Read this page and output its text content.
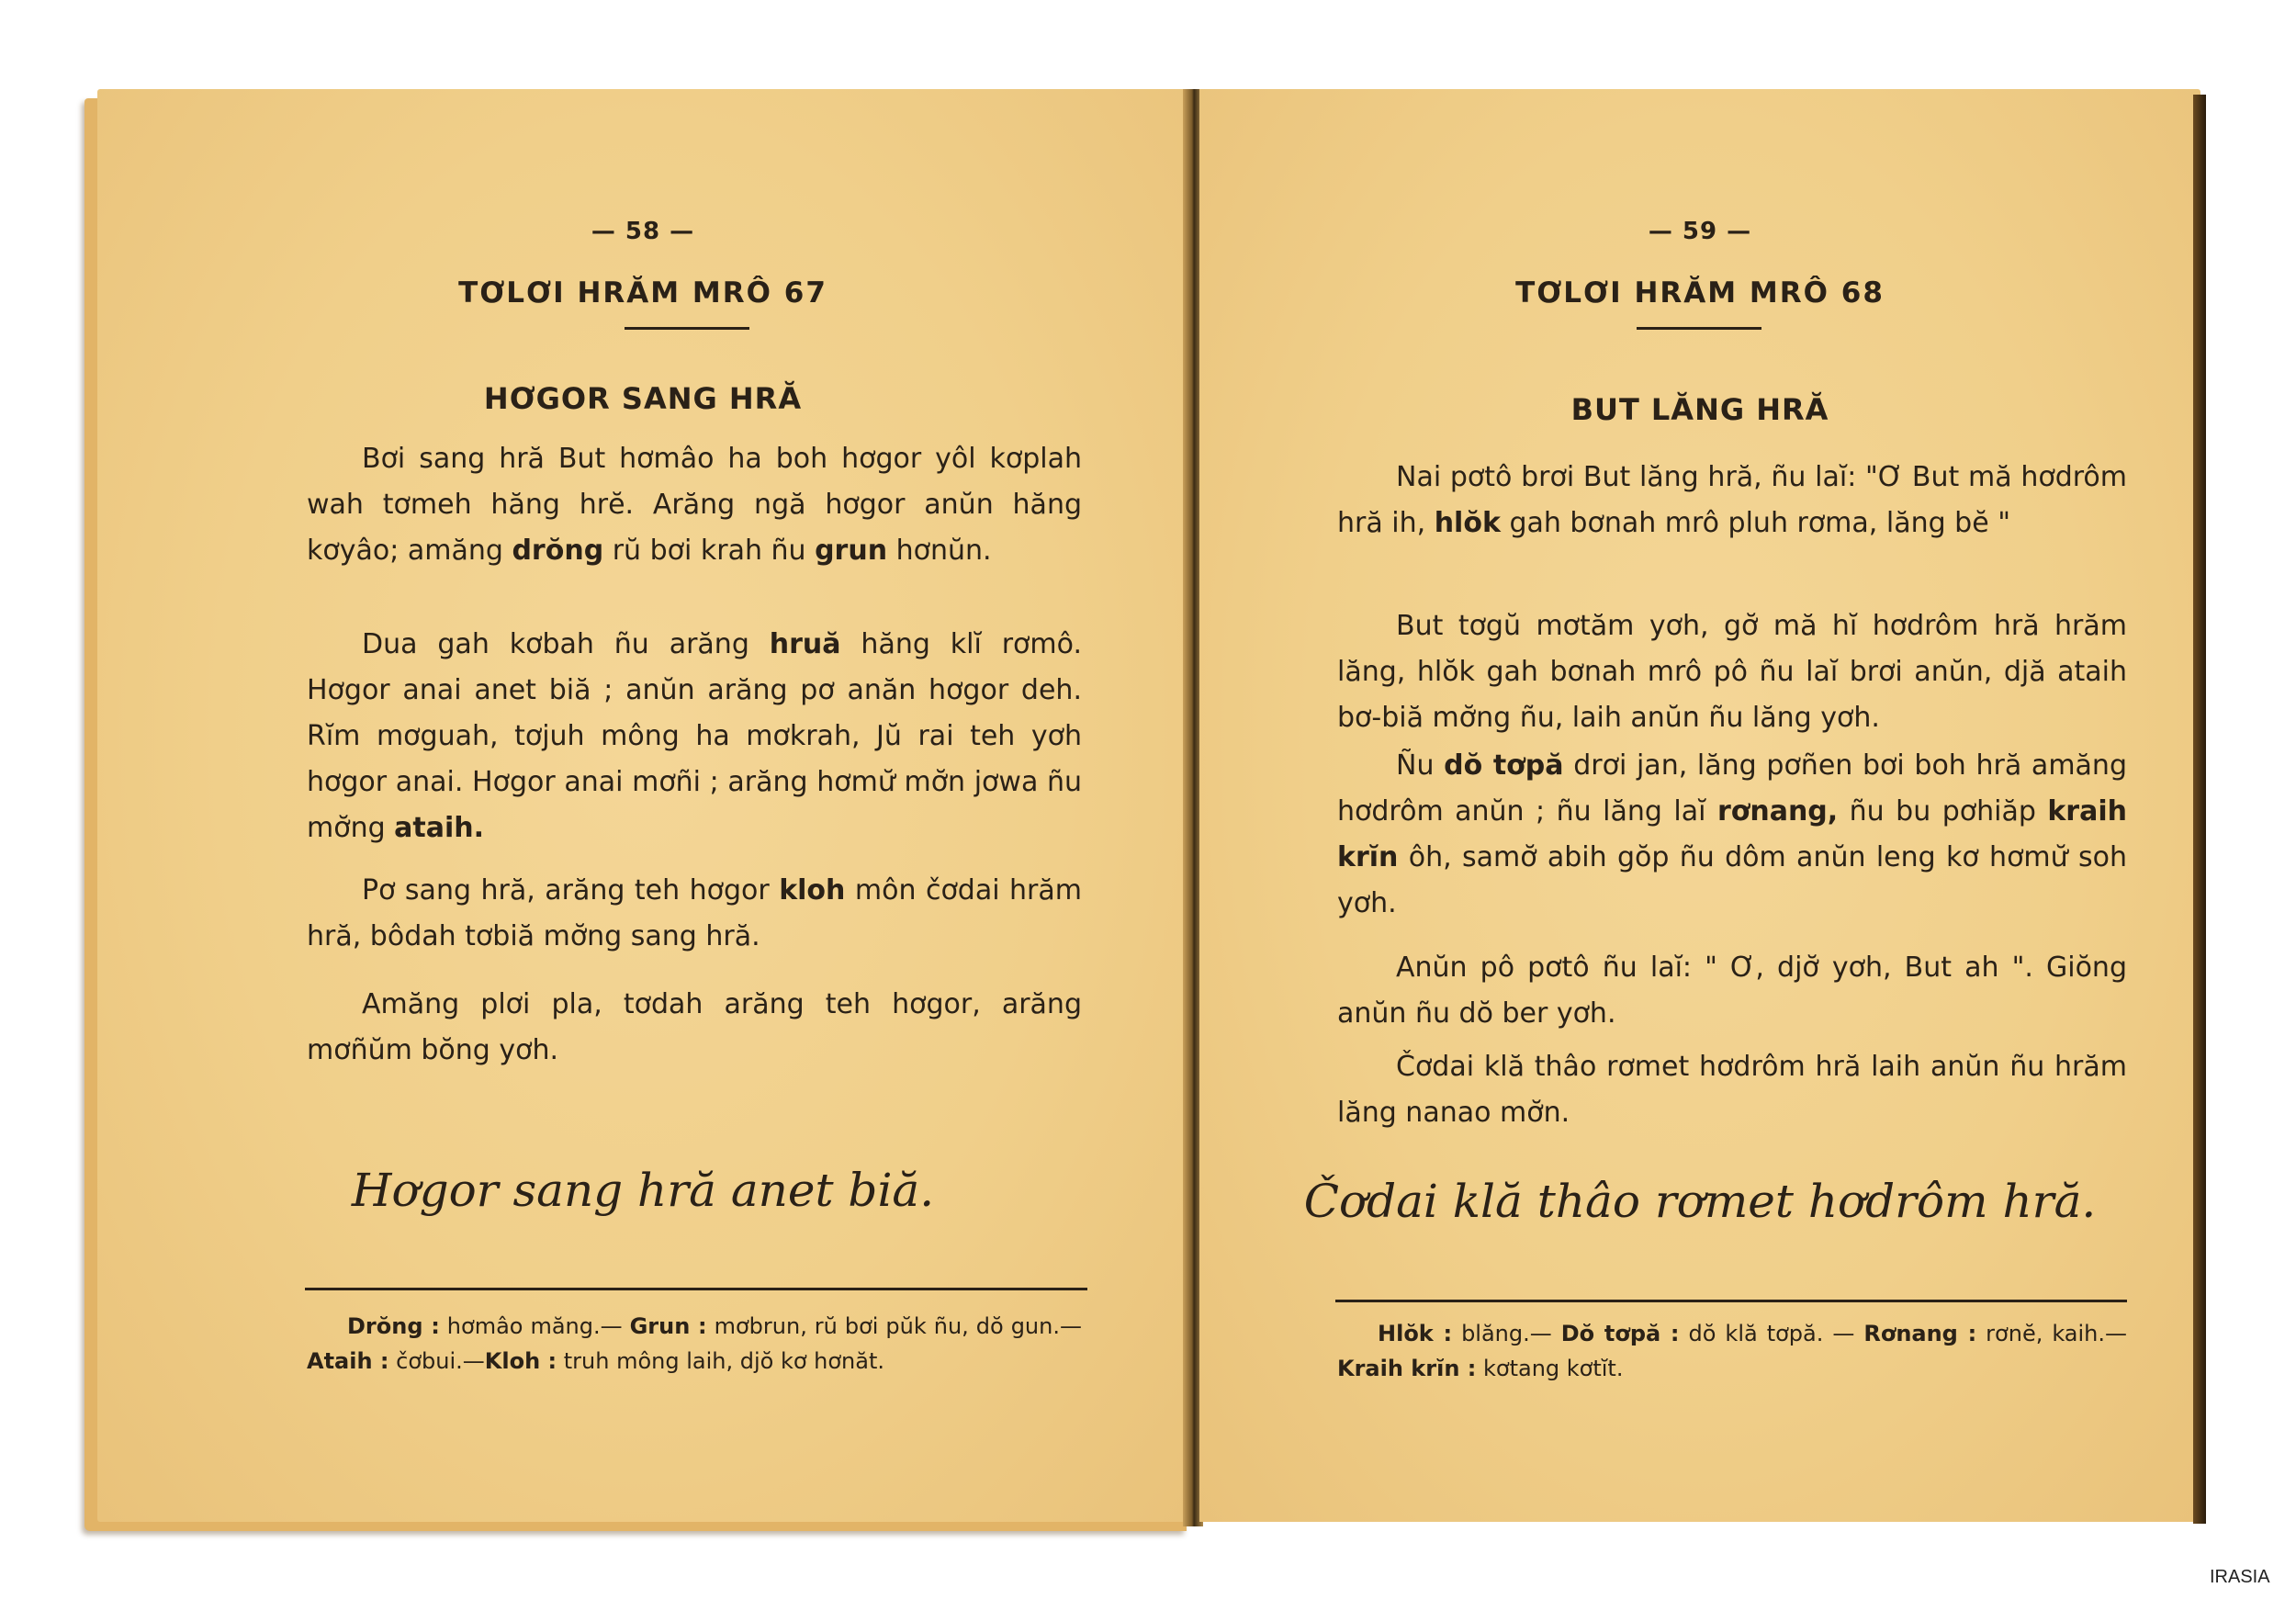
— 58 —
TƠLƠI HRĂM MRÔ 67
HƠGOR SANG HRĂ

Bơi sang hră But hơmâo ha boh hơgor yôl kơplah wah tơmeh hăng hrĕ. Arăng ngă hơgor anŭn hăng kơyâo; amăng drŏng rŭ bơi krah ñu grun hơnŭn.

Dua gah kơbah ñu arăng hruă hăng klĭ rơmô. Hơgor anai anet biă ; anŭn arăng pơ anăn hơgor deh. Rĭm mơguah, tơjuh mông ha mơkrah, Jŭ rai teh yơh hơgor anai. Hơgor anai mơñi ; arăng hơmư̆ mơ̆n jơwa ñu mơ̆ng ataih.

Pơ sang hră, arăng teh hơgor kloh môn čơdai hrăm hră, bôdah tơbiă mơ̆ng sang hră.

Amăng plơi pla, tơdah arăng teh hơgor, arăng mơñŭm bŏng yơh.

Hơgor sang hră anet biă.

Drŏng : hơmâo măng.— Grun : mơbrun, rŭ bơi pŭk ñu, dŏ gun.— Ataih : čơbui.—Kloh : truh mông laih, djŏ kơ hơnăt.

— 59 —
TƠLƠI HRĂM MRÔ 68
BUT LĂNG HRĂ

Nai pơtô brơi But lăng hră, ñu laĭ: "Ơ But mă hơdrôm hră ih, hlŏk gah bơnah mrô pluh rơma, lăng bĕ "

But tơgŭ mơtăm yơh, gơ̆ mă hĭ hơdrôm hră hrăm lăng, hlŏk gah bơnah mrô pô ñu laĭ brơi anŭn, djă ataih bơ-biă mơ̆ng ñu, laih anŭn ñu lăng yơh.

Ñu dŏ tơpă drơi jan, lăng pơñen bơi boh hră amăng hơdrôm anŭn ; ñu lăng laĭ rơnang, ñu bu pơhiăp kraih krĭn ôh, samơ̆ abih gŏp ñu dôm anŭn leng kơ hơmư̆ soh yơh.

Anŭn pô pơtô ñu laĭ: " Ơ, djơ̆ yơh, But ah ". Giŏng anŭn ñu dŏ ber yơh.

Čơdai klă thâo rơmet hơdrôm hră laih anŭn ñu hrăm lăng nanao mơ̆n.

Čơdai klă thâo rơmet hơdrôm hră.

Hlŏk : blăng.— Dŏ tơpă : dŏ klă tơpă. — Rơnang : rơnĕ, kaih.— Kraih krĭn : kơtang kơtĭt.

IRASIA
